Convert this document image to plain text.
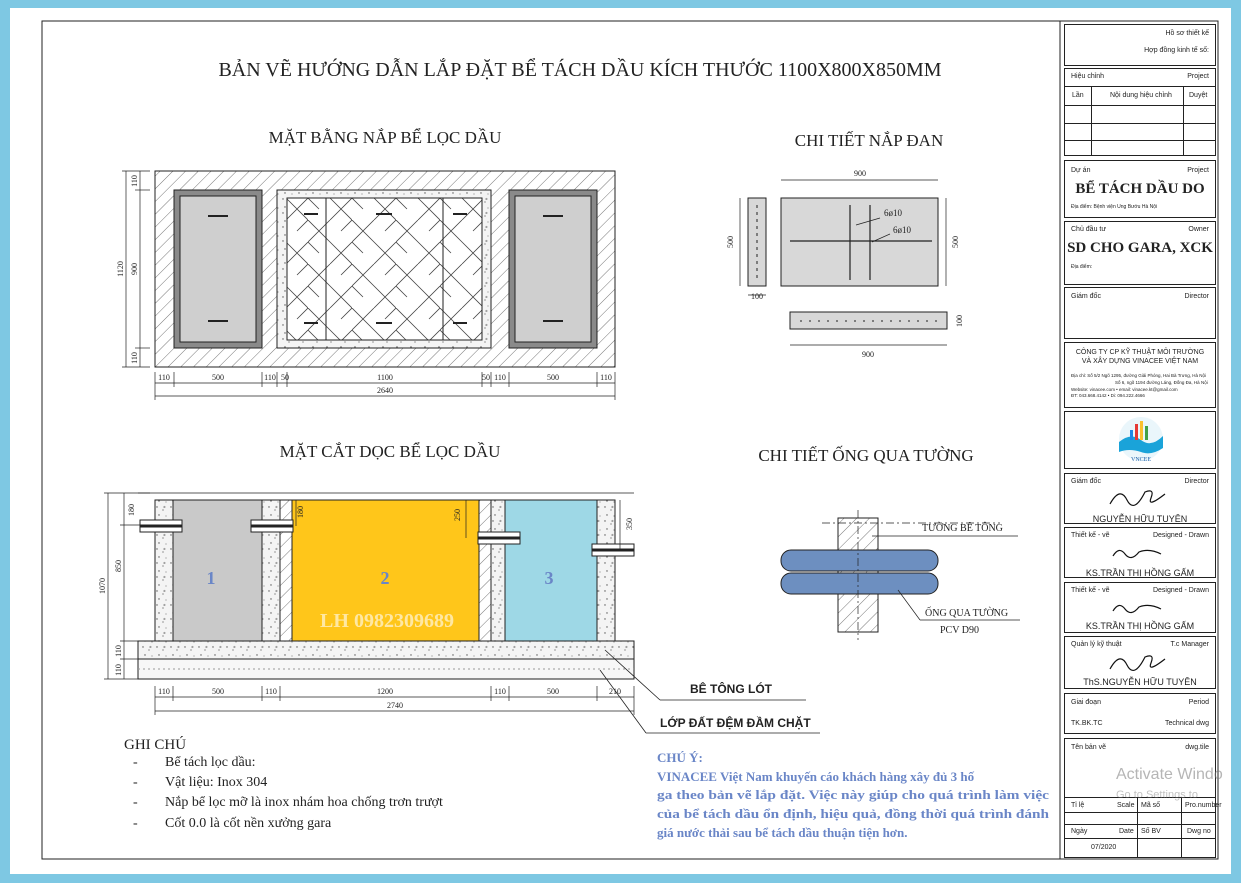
BẢN VẼ HƯỚNG DẪN LẮP ĐẶT BỂ TÁCH DẦU KÍCH THƯỚC 1100X800X850MM
MẶT BẰNG NẮP BỂ LỌC DẦU
110	500	110 50	1100	50 110	500	110
2640
110
900
110
1120
CHI TIẾT NẮP ĐAN
900
500	500
100
6ø10
6ø10
900
100
MẶT CẮT DỌC BỂ LỌC DẦU
1	2	3
LH 0982309689
110	500	110	1200	110	500	210
2740
1070
850
180
110
110
180	250
350
BÊ TÔNG LÓT
LỚP ĐẤT ĐỆM ĐẦM CHẶT
CHI TIẾT ỐNG QUA TƯỜNG
TƯỜNG BÊ TÔNG
ỐNG QUA TƯỜNG
PCV D90
GHI CHÚ
- Bể tách lọc dầu:
- Vật liệu: Inox 304
- Nắp bể lọc mỡ là inox nhám hoa chống trơn trượt
- Cốt 0.0 là cốt nền xưởng gara
CHÚ Ý:
VINACEE Việt Nam khuyến cáo khách hàng xây đủ 3 hố
ga theo bản vẽ lắp đặt. Việc này giúp cho quá trình làm việc
của bể tách dầu ổn định, hiệu quả, đồng thời quá trình đánh
giá nước thải sau bể tách dầu thuận tiện hơn.
Hồ sơ thiết kế
Hợp đồng kinh tế số:
Hiệu chỉnh	Project
Lần	Nội dung hiệu chỉnh Duyệt
Dự án	Project
BỂ TÁCH DẦU DO
Địa điểm: Bệnh viện Ung Bướu Hà Nội
Chủ đầu tư	Owner
SD CHO GARA, XCK
Địa điểm:
Giám đốc	Director
CÔNG TY CP KỸ THUẬT MÔI TRƯỜNG
VÀ XÂY DỰNG VINACEE VIỆT NAM
Địa chỉ: Số 5/2 Ngõ 1295, đường Giải Phóng, Hai Bà Trưng, Hà Nội
Số 6, ngõ 1194 đường Láng, Đống Đa, Hà Nội
Website: vinacee.com • email: vinacee.kt@gmail.com
ĐT: 043.668.4142 • Di: 094.222.4666
VNCEE
Giám đốc	Director
NGUYỄN HỮU TUYÊN
Thiết kế - vẽ	Designed - Drawn
KS.TRẦN THỊ HỒNG GẤM
Thiết kế - vẽ	Designed - Drawn
KS.TRẦN THỊ HỒNG GẤM
Quản lý kỹ thuật	T.c Manager
ThS.NGUYỄN HỮU TUYÊN
Giai đoạn	Period
TK.BK.TC	Technical dwg
Tên bản vẽ	dwg.tile
Tỉ lệ	Scale Mã số	Pro.number
Ngày	Date Số BV	Dwg no
07/2020
Activate Windo
Go to Settings to
